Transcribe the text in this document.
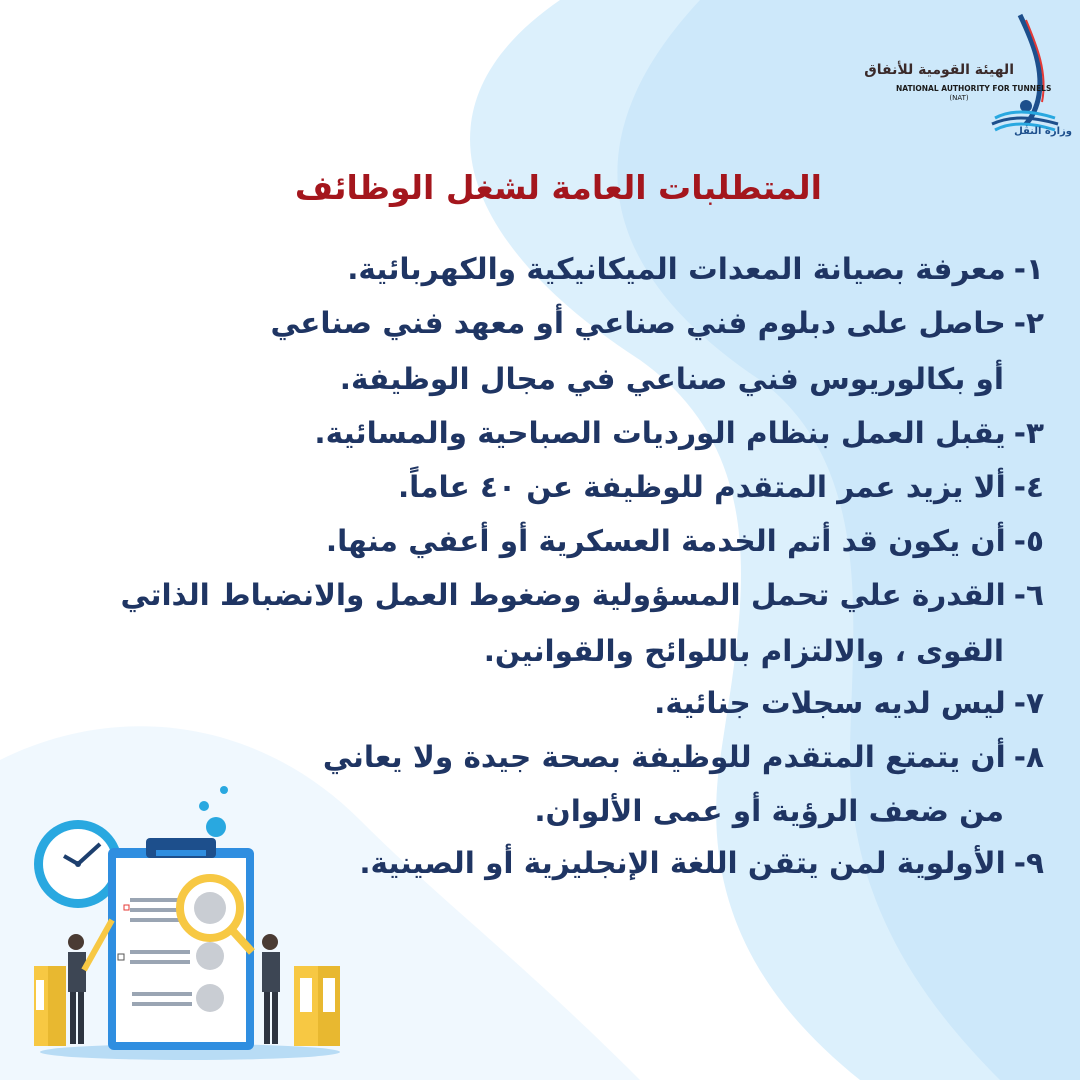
الهيئة القومية للأنفاق
NATIONAL AUTHORITY FOR TUNNELS
(NAT)
وزارة النقل
المتطلبات العامة لشغل الوظائف
١-معرفة بصيانة المعدات الميكانيكية والكهربائية.
٢-حاصل على دبلوم فني صناعي أو معهد فني صناعي
أو بكالوريوس فني صناعي في مجال الوظيفة.
٣-يقبل العمل بنظام الورديات الصباحية والمسائية.
٤-ألا يزيد عمر المتقدم للوظيفة عن ٤٠ عاماً.
٥-أن يكون قد أتم الخدمة العسكرية أو أعفي منها.
٦-القدرة علي تحمل المسؤولية وضغوط العمل والانضباط الذاتي
القوى ، والالتزام باللوائح والقوانين.
٧-ليس لديه سجلات جنائية.
٨-أن يتمتع المتقدم للوظيفة بصحة جيدة ولا يعاني
من ضعف الرؤية أو عمى الألوان.
٩-الأولوية لمن يتقن اللغة الإنجليزية أو الصينية.
